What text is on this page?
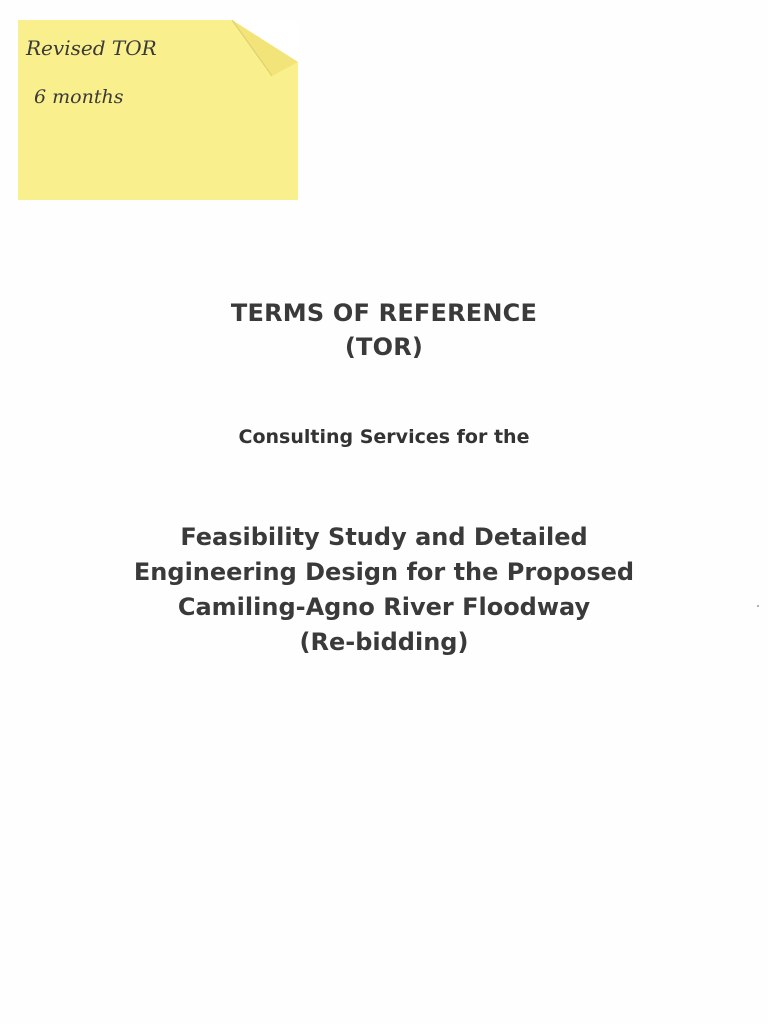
Revised TOR
6 months
TERMS OF REFERENCE
(TOR)
Consulting Services for the
Feasibility Study and Detailed
Engineering Design for the Proposed
Camiling-Agno River Floodway
(Re-bidding)
